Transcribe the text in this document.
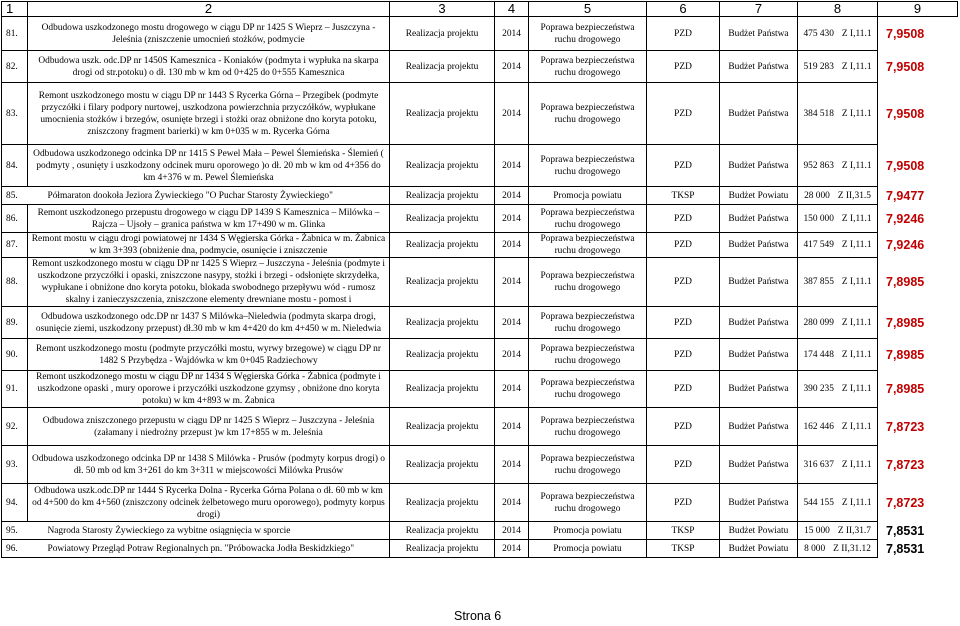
1	2	3	4	5	6	7	8	9
81.	Odbudowa uszkodzonego mostu drogowego w ciągu DP nr 1425 S Wieprz – Juszczyna - Jeleśnia (zniszczenie umocnień stożków, podmycie	Realizacja projektu	2014	Poprawa bezpieczeństwa ruchu drogowego	PZD	Budżet Państwa	475 430 Z I,11.1	7,9508
82.	Odbudowa uszk. odc.DP nr 1450S Kamesznica - Koniaków (podmyta i wypłuka na skarpa drogi od str.potoku) o dł. 130 mb w km od 0+425 do 0+555 Kamesznica	Realizacja projektu	2014	Poprawa bezpieczeństwa ruchu drogowego	PZD	Budżet Państwa	519 283 Z I,11.1	7,9508
83.	Remont uszkodzonego mostu w ciągu DP nr 1443 S Rycerka Górna – Przegibek (podmyte przyczółki i filary podpory nurtowej, uszkodzona powierzchnia przyczółków, wypłukane umocnienia stożków i brzegów, osunięte brzegi i stożki oraz obniżone dno koryta potoku, zniszczony fragment barierki) w km 0+035 w m. Rycerka Górna	Realizacja projektu	2014	Poprawa bezpieczeństwa ruchu drogowego	PZD	Budżet Państwa	384 518 Z I,11.1	7,9508
84.	Odbudowa uszkodzonego odcinka DP nr 1415 S Pewel Mała – Pewel Ślemieńska - Ślemień ( podmyty , osunięty i uszkodzony odcinek muru oporowego )o dł. 20 mb w km od 4+356 do km 4+376 w m. Pewel Ślemieńska	Realizacja projektu	2014	Poprawa bezpieczeństwa ruchu drogowego	PZD	Budżet Państwa	952 863 Z I,11.1	7,9508
85.	Półmaraton dookoła Jeziora Żywieckiego "O Puchar Starosty Żywieckiego"	Realizacja projektu	2014	Promocja powiatu	TKSP	Budżet Powiatu	28 000 Z II,31.5	7,9477
86.	Remont uszkodzonego przepustu drogowego w ciągu DP 1439 S Kamesznica – Milówka – Rajcza – Ujsoły – granica państwa w km 17+490 w m. Glinka	Realizacja projektu	2014	Poprawa bezpieczeństwa ruchu drogowego	PZD	Budżet Państwa	150 000 Z I,11.1	7,9246
87.	Remont mostu w ciągu drogi powiatowej nr 1434 S Węgierska Górka - Żabnica w m. Żabnica w km 3+393 (obniżenie dna, podmycie, osunięcie i zniszczenie	Realizacja projektu	2014	Poprawa bezpieczeństwa ruchu drogowego	PZD	Budżet Państwa	417 549 Z I,11.1	7,9246
88.	Remont uszkodzonego mostu w ciągu DP nr 1425 S Wieprz – Juszczyna - Jeleśnia (podmyte i uszkodzone przyczółki i opaski, zniszczone nasypy, stożki i brzegi - odsłonięte skrzydełka, wypłukane i obniżone dno koryta potoku, blokada swobodnego przepływu wód - rumosz skalny i zanieczyszczenia, zniszczone elementy drewniane mostu - pomost i	Realizacja projektu	2014	Poprawa bezpieczeństwa ruchu drogowego	PZD	Budżet Państwa	387 855 Z I,11.1	7,8985
89.	Odbudowa uszkodzonego odc.DP nr 1437 S Milówka–Nieledwia (podmyta skarpa drogi, osunięcie ziemi, uszkodzony przepust) dł.30 mb w km 4+420 do km 4+450 w m. Nieledwia	Realizacja projektu	2014	Poprawa bezpieczeństwa ruchu drogowego	PZD	Budżet Państwa	280 099 Z I,11.1	7,8985
90.	Remont uszkodzonego mostu (podmyte przyczółki mostu, wyrwy brzegowe) w ciągu DP nr 1482 S Przybędza - Wajdówka w km 0+045 Radziechowy	Realizacja projektu	2014	Poprawa bezpieczeństwa ruchu drogowego	PZD	Budżet Państwa	174 448 Z I,11.1	7,8985
91.	Remont uszkodzonego mostu w ciągu DP nr 1434 S Węgierska Górka - Żabnica (podmyte i uszkodzone opaski , mury oporowe i przyczółki uszkodzone gzymsy , obniżone dno koryta potoku) w km 4+893 w m. Żabnica	Realizacja projektu	2014	Poprawa bezpieczeństwa ruchu drogowego	PZD	Budżet Państwa	390 235 Z I,11.1	7,8985
92.	Odbudowa zniszczonego przepustu w ciągu DP nr 1425 S Wieprz – Juszczyna - Jeleśnia (załamany i niedrożny przepust )w km 17+855 w m. Jeleśnia	Realizacja projektu	2014	Poprawa bezpieczeństwa ruchu drogowego	PZD	Budżet Państwa	162 446 Z I,11.1	7,8723
93.	Odbudowa uszkodzonego odcinka DP nr 1438 S Milówka - Prusów (podmyty korpus drogi) o dł. 50 mb od km 3+261 do km 3+311 w miejscowości Milówka Prusów	Realizacja projektu	2014	Poprawa bezpieczeństwa ruchu drogowego	PZD	Budżet Państwa	316 637 Z I,11.1	7,8723
94.	Odbudowa uszk.odc.DP nr 1444 S Rycerka Dolna - Rycerka Górna Polana o dł. 60 mb w km od 4+500 do km 4+560 (zniszczony odcinek żelbetowego muru oporowego), podmyty korpus drogi)	Realizacja projektu	2014	Poprawa bezpieczeństwa ruchu drogowego	PZD	Budżet Państwa	544 155 Z I,11.1	7,8723
95.	Nagroda Starosty Żywieckiego za wybitne osiągnięcia w sporcie	Realizacja projektu	2014	Promocja powiatu	TKSP	Budżet Powiatu	15 000 Z II,31.7	7,8531
96.	Powiatowy Przegląd Potraw Regionalnych pn. "Próbowacka Jodła Beskidzkiego"	Realizacja projektu	2014	Promocja powiatu	TKSP	Budżet Powiatu	8 000 Z II,31.12	7,8531
Strona 6
